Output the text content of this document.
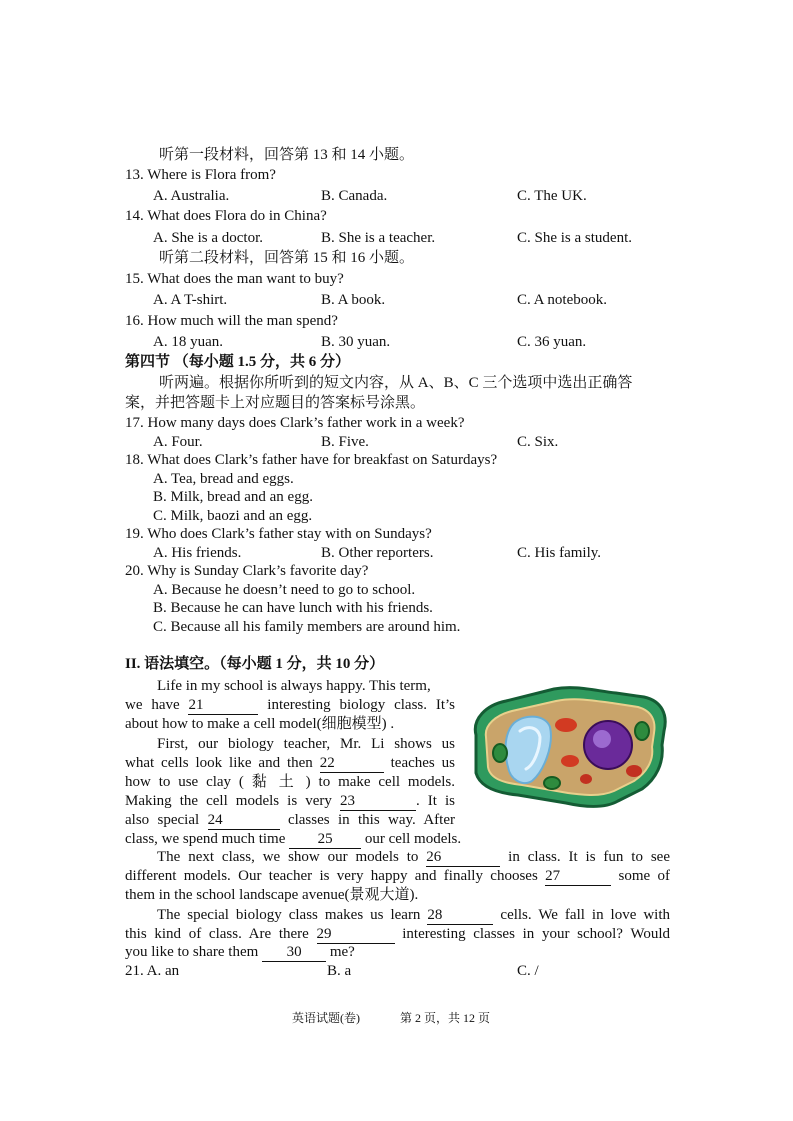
听第一段材料，回答第 13 和 14 小题。
13. Where is Flora from?
A. Australia.	B. Canada.	C. The UK.
14. What does Flora do in China?
A. She is a doctor.	B. She is a teacher.	C. She is a student.
听第二段材料，回答第 15 和 16 小题。
15. What does the man want to buy?
A. A T-shirt.	B. A book.	C. A notebook.
16. How much will the man spend?
A. 18 yuan.	B. 30 yuan.	C. 36 yuan.
第四节 （每小题 1.5 分，共 6 分）
听两遍。根据你所听到的短文内容，从 A、B、C 三个选项中选出正确答
案，并把答题卡上对应题目的答案标号涂黑。
17. How many days does Clark’s father work in a week?
A. Four.	B. Five.	C. Six.
18. What does Clark’s father have for breakfast on Saturdays?
A. Tea, bread and eggs.
B. Milk, bread and an egg.
C. Milk, baozi and an egg.
19. Who does Clark’s father stay with on Sundays?
A. His friends.	B. Other reporters.	C. His family.
20. Why is Sunday Clark’s favorite day?
A. Because he doesn’t need to go to school.
B. Because he can have lunch with his friends.
C. Because all his family members are around him.
II. 语法填空。（每小题 1 分，共 10 分）
Life in my school is always happy. This term,
we have 21	interesting biology class. It’s
about how to make a cell model(细胞模型) .
First, our biology teacher, Mr. Li shows us
what cells look like and then 22	teaches us
how to use clay ( 黏 土 ) to make cell models.
Making the cell models is very 23	. It is
also special 24	classes in this way. After
class, we spend much time 25 our cell models.
The next class, we show our models to 26	in class. It is fun to see
different models. Our teacher is very happy and finally chooses 27	some of
them in the school landscape avenue(景观大道).
The special biology class makes us learn 28	cells. We fall in love with
this kind of class. Are there 29	interesting classes in your school? Would
you like to share them 30 me?
21. A. an	B. a	C. /
英语试题(卷)	第 2 页，共 12 页
